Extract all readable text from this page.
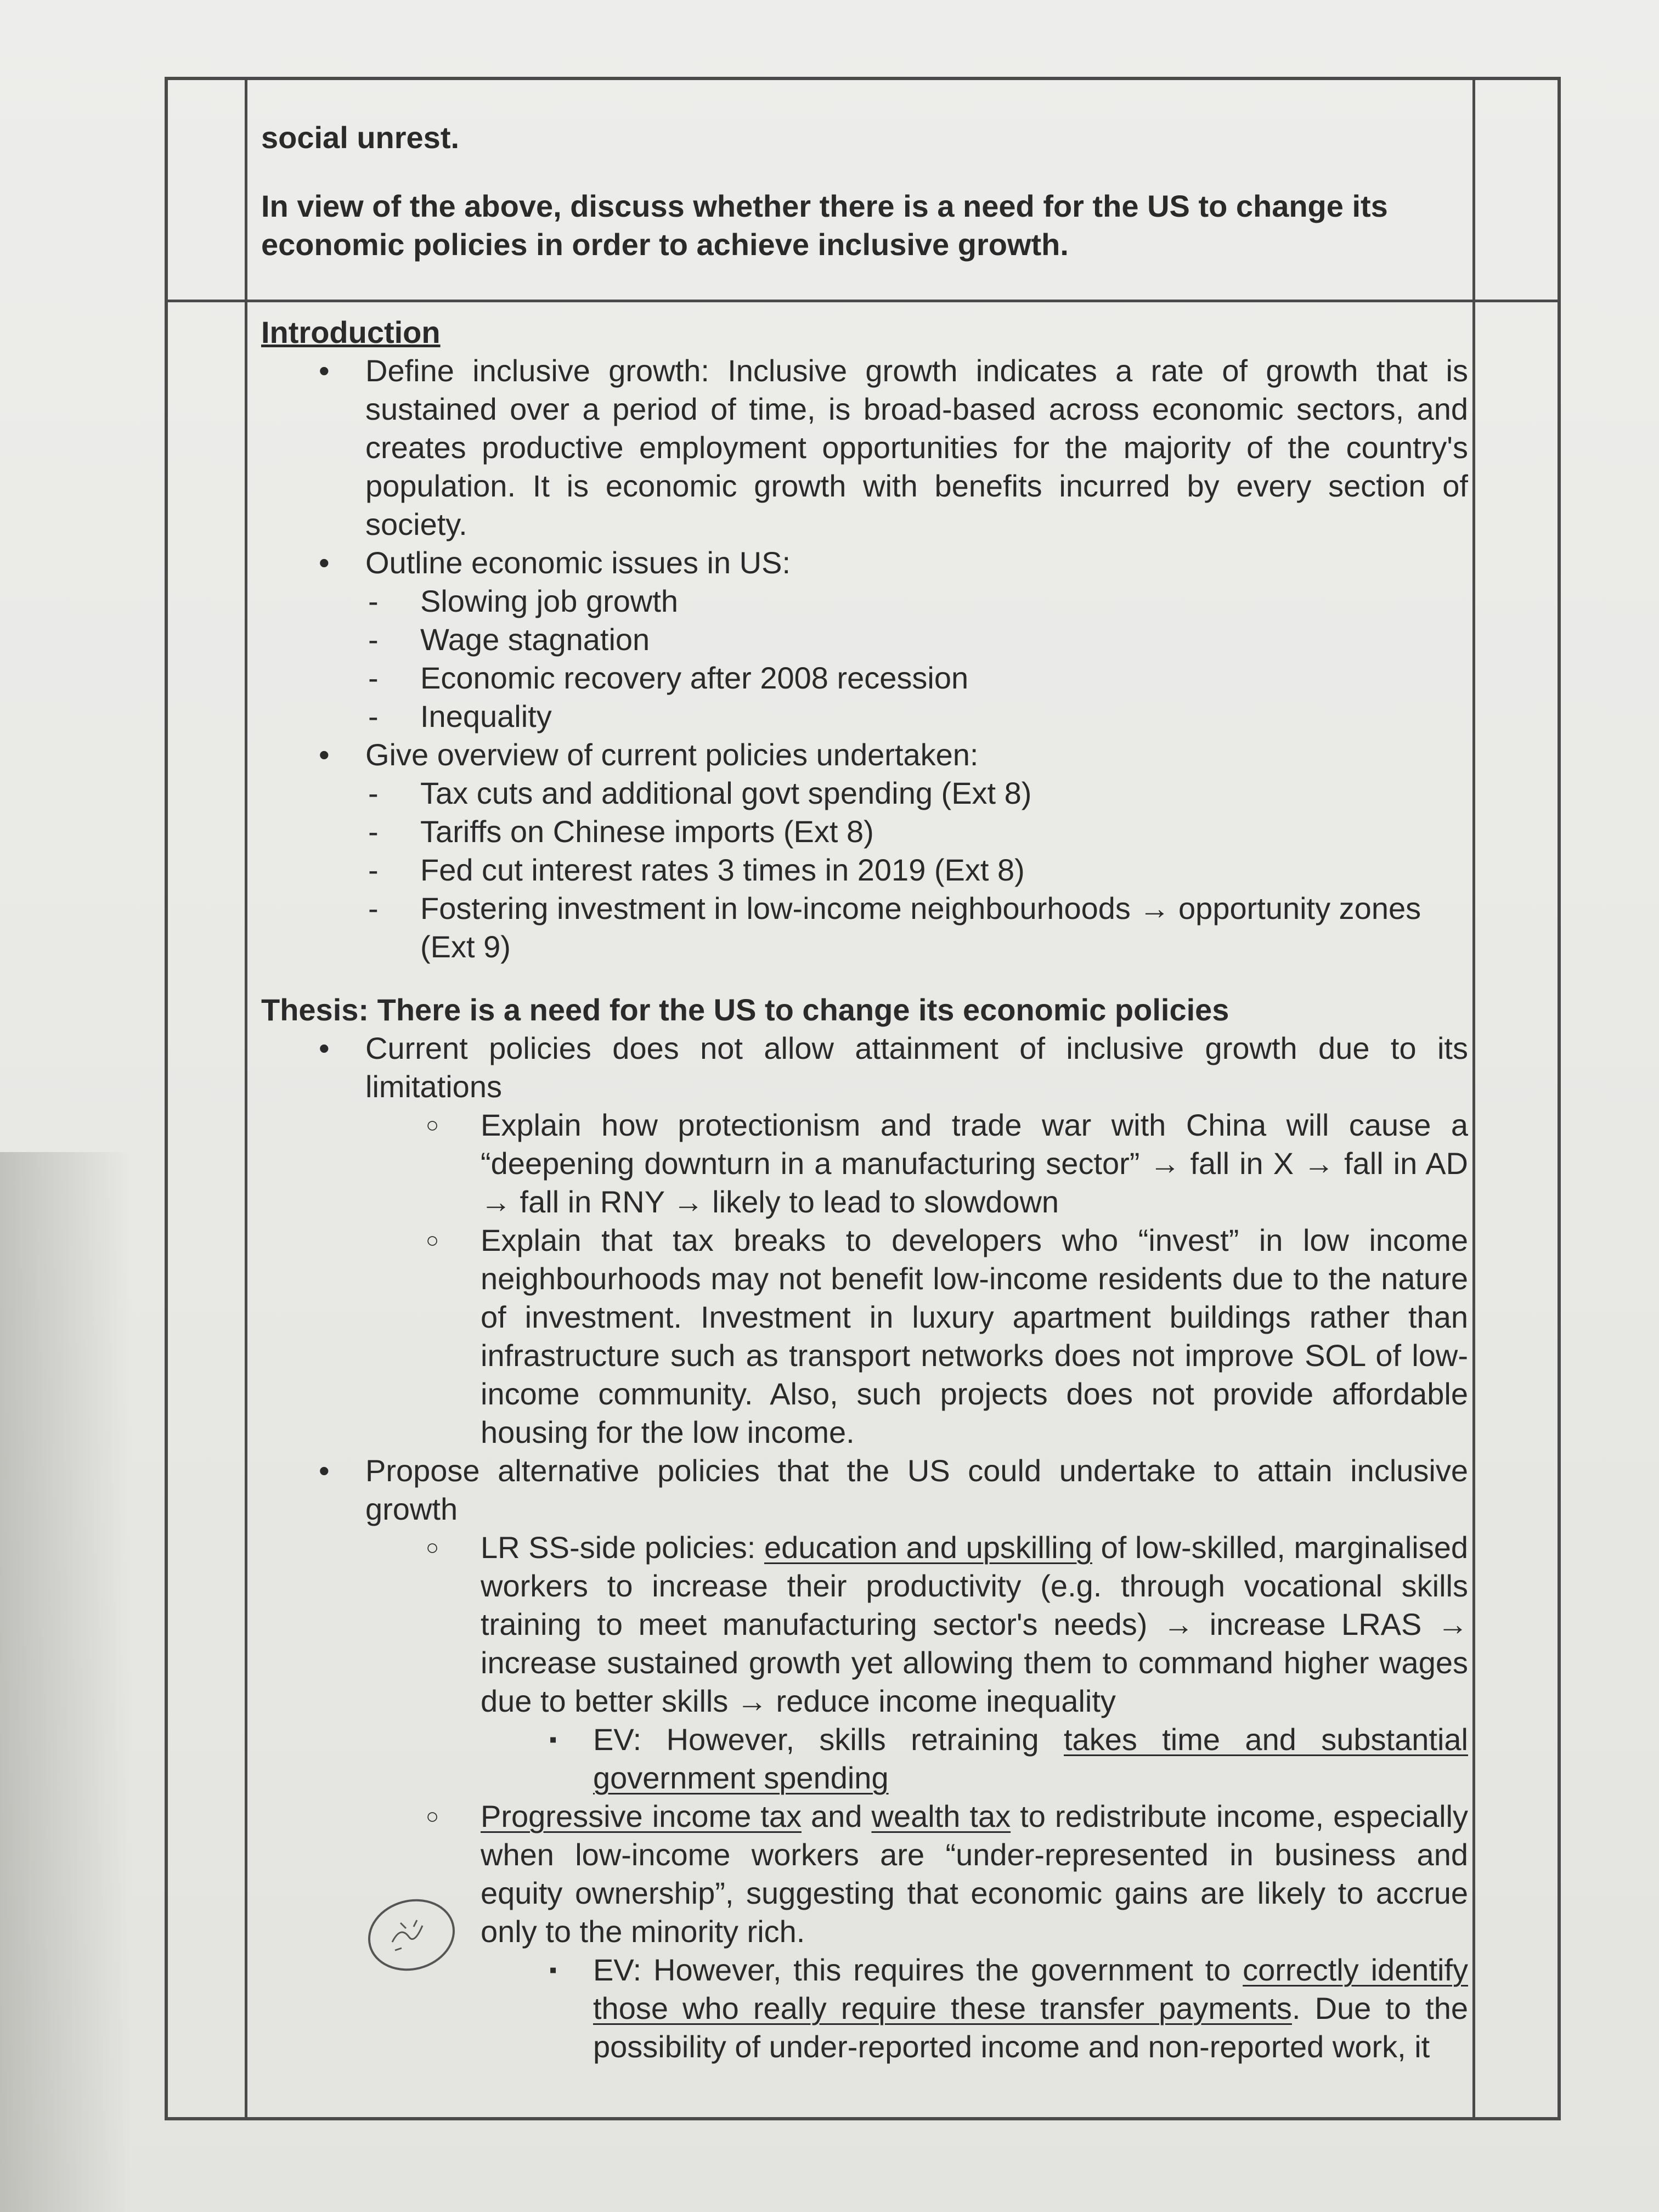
social unrest.
In view of the above, discuss whether there is a need for the US to change its economic policies in order to achieve inclusive growth.
Introduction
• Define inclusive growth: Inclusive growth indicates a rate of growth that is sustained over a period of time, is broad-based across economic sectors, and creates productive employment opportunities for the majority of the country's population. It is economic growth with benefits incurred by every section of society.
• Outline economic issues in US:
- Slowing job growth
- Wage stagnation
- Economic recovery after 2008 recession
- Inequality
• Give overview of current policies undertaken:
- Tax cuts and additional govt spending (Ext 8)
- Tariffs on Chinese imports (Ext 8)
- Fed cut interest rates 3 times in 2019 (Ext 8)
- Fostering investment in low-income neighbourhoods → opportunity zones (Ext 9)
Thesis: There is a need for the US to change its economic policies
• Current policies does not allow attainment of inclusive growth due to its limitations
○ Explain how protectionism and trade war with China will cause a “deepening downturn in a manufacturing sector” → fall in X → fall in AD → fall in RNY → likely to lead to slowdown
○ Explain that tax breaks to developers who “invest” in low income neighbourhoods may not benefit low-income residents due to the nature of investment. Investment in luxury apartment buildings rather than infrastructure such as transport networks does not improve SOL of low-income community. Also, such projects does not provide affordable housing for the low income.
• Propose alternative policies that the US could undertake to attain inclusive growth
○ LR SS-side policies: education and upskilling of low-skilled, marginalised workers to increase their productivity (e.g. through vocational skills training to meet manufacturing sector's needs) → increase LRAS → increase sustained growth yet allowing them to command higher wages due to better skills → reduce income inequality
▪ EV: However, skills retraining takes time and substantial government spending
○ Progressive income tax and wealth tax to redistribute income, especially when low-income workers are “under-represented in business and equity ownership”, suggesting that economic gains are likely to accrue only to the minority rich.
▪ EV: However, this requires the government to correctly identify those who really require these transfer payments. Due to the possibility of under-reported income and non-reported work, it
